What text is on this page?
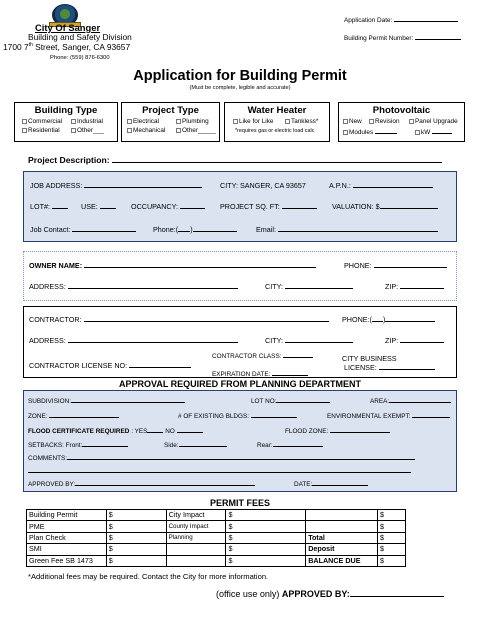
City Of Sanger
Building and Safety Division
1700 7th Street, Sanger, CA 93657
Phone: (559) 876-6300
Application Date:
Building Permit Number:
Application for Building Permit
(Must be complete, legible and accurate)
Building Type
Commercial	Industrial
Residential	Other___
Project Type
Electrical	Plumbing
Mechanical	Other_____
Water Heater
Like for Like	Tankless*
*requires gas or electric load calc
Photovoltaic
New	Revision	Panel Upgrade
Modules	kW
Project Description:
JOB ADDRESS:	CITY: SANGER, CA 93657	A.P.N.:
LOT#:	USE:	OCCUPANCY:	PROJECT SQ. FT:	VALUATION: $
Job Contact:	Phone:( )	Email:
OWNER NAME:	PHONE:
ADDRESS:	CITY:	ZIP:
CONTRACTOR:	PHONE:( )
ADDRESS:	CITY:	ZIP:
CONTRACTOR LICENSE NO:
CONTRACTOR CLASS:
EXPIRATION DATE:
CITY BUSINESS
LICENSE:
APPROVAL REQUIRED FROM PLANNING DEPARTMENT
SUBDIVISION:	LOT NO:	AREA:
ZONE:	# OF EXISTING BLDGS:	ENVIRONMENTAL EXEMPT:
FLOOD CERTIFICATE REQUIRED : YES	NO	FLOOD ZONE:
SETBACKS: Front:	Side:	Rear:
COMMENTS:
APPROVED BY:	DATE:
PERMIT FEES
Building Permit	$	City Impact	$		$
PME	$	County Impact	$		$
Plan Check	$	Planning	$	Total	$
SMI	$		$	Deposit	$
Green Fee SB 1473	$		$	BALANCE DUE	$
*Additional fees may be required. Contact the City for more information.
(office use only) APPROVED BY:
